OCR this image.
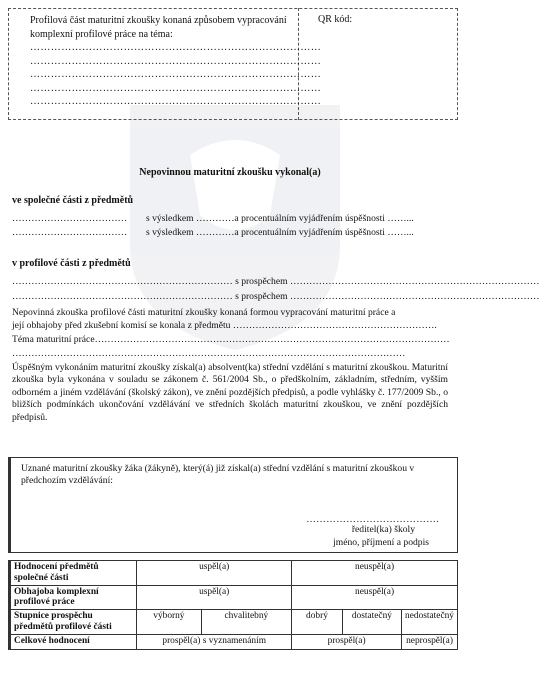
Profilová část maturitní zkoušky konaná způsobem vypracování komplexní profilové práce na téma:
…………………………………………………………………………
…………………………………………………………………………
…………………………………………………………………………
…………………………………………………………………………
…………………………………………………………………………
QR kód:
Nepovinnou maturitní zkoušku vykonal(a)
ve společné části z předmětů
……………………………… s výsledkem …………a procentuálním vyjádřením úspěšnosti ……...
……………………………… s výsledkem …………a procentuálním vyjádřením úspěšnosti ……...
v profilové části z předmětů
…………………………………………………………… s prospěchem ……………………………………………………………………
…………………………………………………………… s prospěchem ……………………………………………………………………
Nepovinná zkouška profilové části maturitní zkoušky konaná formou vypracování maturitní práce a
její obhajoby před zkušební komisí se konala z předmětu ……………………………………………………….
Téma maturitní práce…………………………………………………………………………………………………
……………………………………………………………………………………………………………
Úspěšným vykonáním maturitní zkoušky získal(a) absolvent(ka) střední vzdělání s maturitní zkouškou. Maturitní zkouška byla vykonána v souladu se zákonem č. 561/2004 Sb., o předškolním, základním, středním, vyšším odborném a jiném vzdělávání (školský zákon), ve znění pozdějších předpisů, a podle vyhlášky č. 177/2009 Sb., o bližších podmínkách ukončování vzdělávání ve středních školách maturitní zkouškou, ve znění pozdějších předpisů.
Uznané maturitní zkoušky žáka (žákyně), který(á) již získal(a) střední vzdělání s maturitní zkouškou v předchozím vzdělávání:
………………………………….
ředitel(ka) školy
jméno, příjmení a podpis
Hodnocení předmětů společné části	uspěl(a)		neuspěl(a)		
Obhajoba komplexní profilové práce	uspěl(a)		neuspěl(a)		
Stupnice prospěchu předmětů profilové části	výborný	chvalitebný	dobrý	dostatečný	nedostatečný
Celkové hodnocení	prospěl(a) s vyznamenáním		prospěl(a)		neprospěl(a)
